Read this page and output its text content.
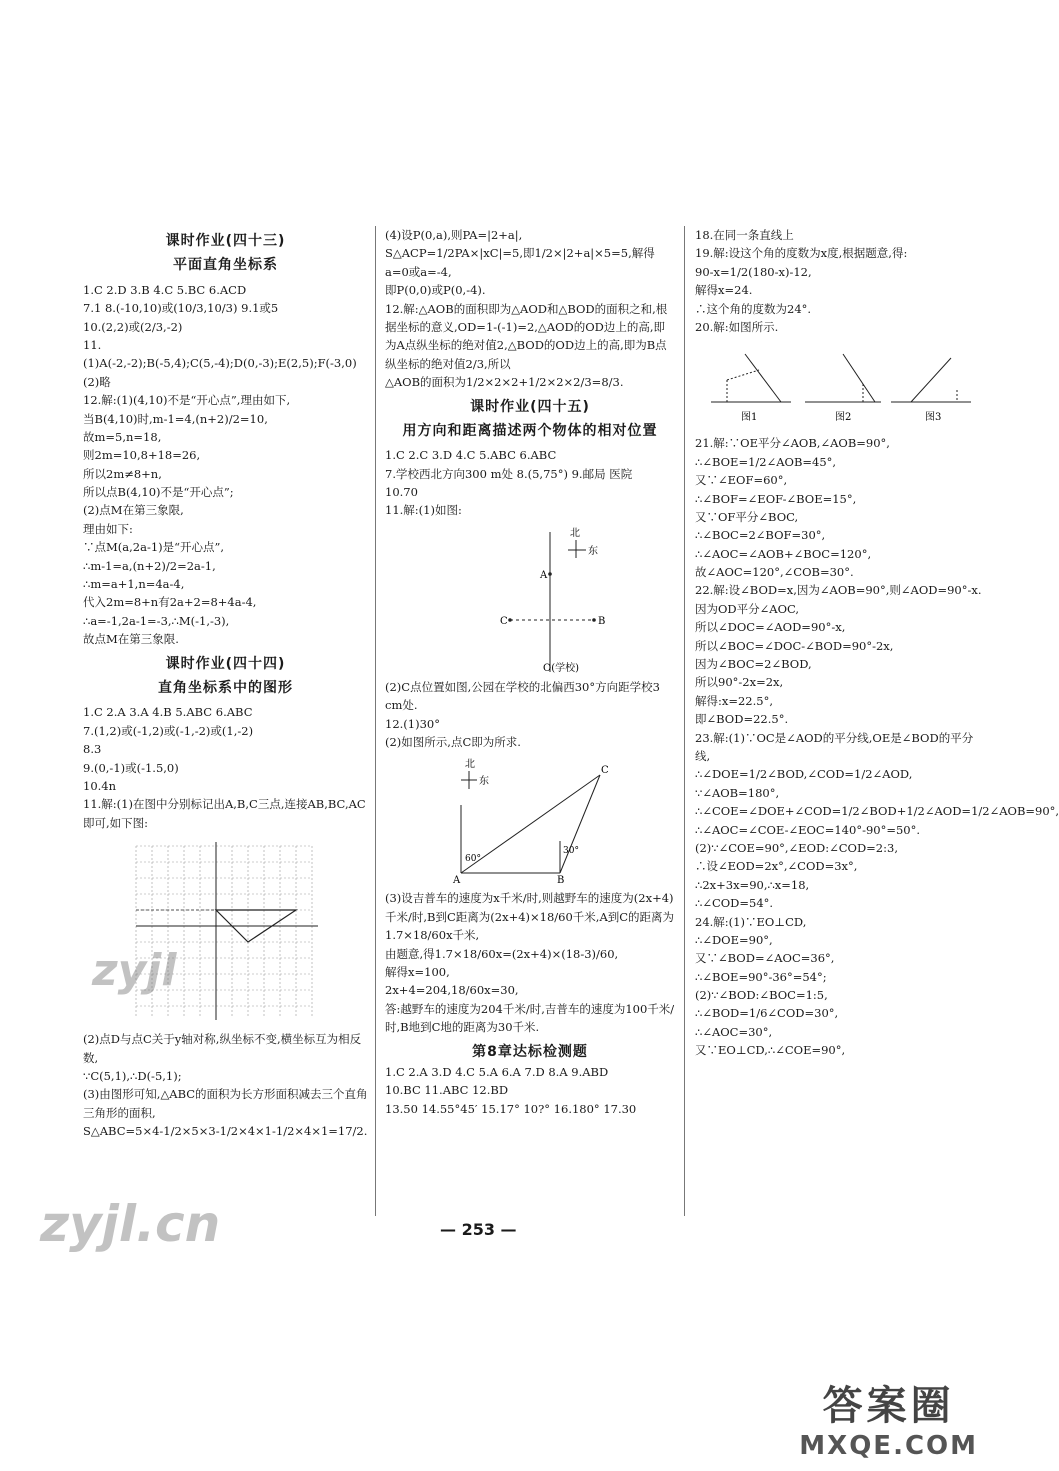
课时作业(四十三)
平面直角坐标系

1.C 2.D 3.B 4.C 5.BC 6.ACD

7.1 8.(-10,10)或(10/3,10/3) 9.1或5

10.(2,2)或(2/3,-2)

11.(1)A(-2,-2);B(-5,4);C(5,-4);D(0,-3);E(2,5);F(-3,0)

(2)略

12.解:(1)(4,10)不是“开心点”,理由如下,

当B(4,10)时,m-1=4,(n+2)/2=10,

故m=5,n=18,

则2m=10,8+18=26,

所以2m≠8+n,

所以点B(4,10)不是“开心点”;

(2)点M在第三象限,

理由如下:

∵点M(a,2a-1)是“开心点”,

∴m-1=a,(n+2)/2=2a-1,

∴m=a+1,n=4a-4,

代入2m=8+n有2a+2=8+4a-4,

∴a=-1,2a-1=-3,∴M(-1,-3),

故点M在第三象限.

课时作业(四十四)
直角坐标系中的图形

1.C 2.A 3.A 4.B 5.ABC 6.ABC

7.(1,2)或(-1,2)或(-1,-2)或(1,-2)

8.3

9.(0,-1)或(-1.5,0)

10.4n

11.解:(1)在图中分别标记出A,B,C三点,连接AB,BC,AC即可,如下图:

(2)点D与点C关于y轴对称,纵坐标不变,横坐标互为相反数,

∵C(5,1),∴D(-5,1);

(3)由图形可知,△ABC的面积为长方形面积减去三个直角三角形的面积,

S△ABC=5×4-1/2×5×3-1/2×4×1-1/2×4×1=17/2.

(4)设P(0,a),则PA=|2+a|,

S△ACP=1/2PA×|xC|=5,即1/2×|2+a|×5=5,解得a=0或a=-4,

即P(0,0)或P(0,-4).

12.解:△AOB的面积即为△AOD和△BOD的面积之和,根据坐标的意义,OD=1-(-1)=2,△AOD的OD边上的高,即为A点纵坐标的绝对值2,△BOD的OD边上的高,即为B点纵坐标的绝对值2/3,所以

△AOB的面积为1/2×2×2+1/2×2×2/3=8/3.

课时作业(四十五)
用方向和距离描述两个物体的相对位置

1.C 2.C 3.D 4.C 5.ABC 6.ABC

7.学校西北方向300 m处 8.(5,75°) 9.邮局 医院

10.70

11.解:(1)如图:

北
东
A
B
C
O(学校)

(2)C点位置如图,公园在学校的北偏西30°方向距学校3 cm处.

12.(1)30°

(2)如图所示,点C即为所求.

北
东
60°
30°
A	B
C

(3)设吉普车的速度为x千米/时,则越野车的速度为(2x+4)千米/时,B到C距离为(2x+4)×18/60千米,A到C的距离为1.7×18/60x千米,

由题意,得1.7×18/60x=(2x+4)×(18-3)/60,

解得x=100,

2x+4=204,18/60x=30,

答:越野车的速度为204千米/时,吉普车的速度为100千米/时,B地到C地的距离为30千米.

第8章达标检测题

1.C 2.A 3.D 4.C 5.A 6.A 7.D 8.A 9.ABD

10.BC 11.ABC 12.BD

13.50 14.55°45′ 15.17° 10?° 16.180° 17.30

18.在同一条直线上

19.解:设这个角的度数为x度,根据题意,得:

90-x=1/2(180-x)-12,

解得x=24.

∴这个角的度数为24°.

20.解:如图所示.

图1	图2	图3

21.解:∵OE平分∠AOB,∠AOB=90°,

∴∠BOE=1/2∠AOB=45°,

又∵∠EOF=60°,

∴∠BOF=∠EOF-∠BOE=15°,

又∵OF平分∠BOC,

∴∠BOC=2∠BOF=30°,

∴∠AOC=∠AOB+∠BOC=120°,

故∠AOC=120°,∠COB=30°.

22.解:设∠BOD=x,因为∠AOB=90°,则∠AOD=90°-x.

因为OD平分∠AOC,

所以∠DOC=∠AOD=90°-x,

所以∠BOC=∠DOC-∠BOD=90°-2x,

因为∠BOC=2∠BOD,

所以90°-2x=2x,

解得:x=22.5°,

即∠BOD=22.5°.

23.解:(1)∵OC是∠AOD的平分线,OE是∠BOD的平分线,

∴∠DOE=1/2∠BOD,∠COD=1/2∠AOD,

∵∠AOB=180°,

∴∠COE=∠DOE+∠COD=1/2∠BOD+1/2∠AOD=1/2∠AOB=90°,

∴∠AOC=∠COE-∠EOC=140°-90°=50°.

(2)∵∠COE=90°,∠EOD:∠COD=2:3,

∴设∠EOD=2x°,∠COD=3x°,

∴2x+3x=90,∴x=18,

∴∠COD=54°.

24.解:(1)∵EO⊥CD,

∴∠DOE=90°,

又∵∠BOD=∠AOC=36°,

∴∠BOE=90°-36°=54°;

(2)∵∠BOD:∠BOC=1:5,

∴∠BOD=1/6∠COD=30°,

∴∠AOC=30°,

又∵EO⊥CD,∴∠COE=90°,

— 253 —
zyjl
zyjl.cn
答案圈
MXQE.COM
